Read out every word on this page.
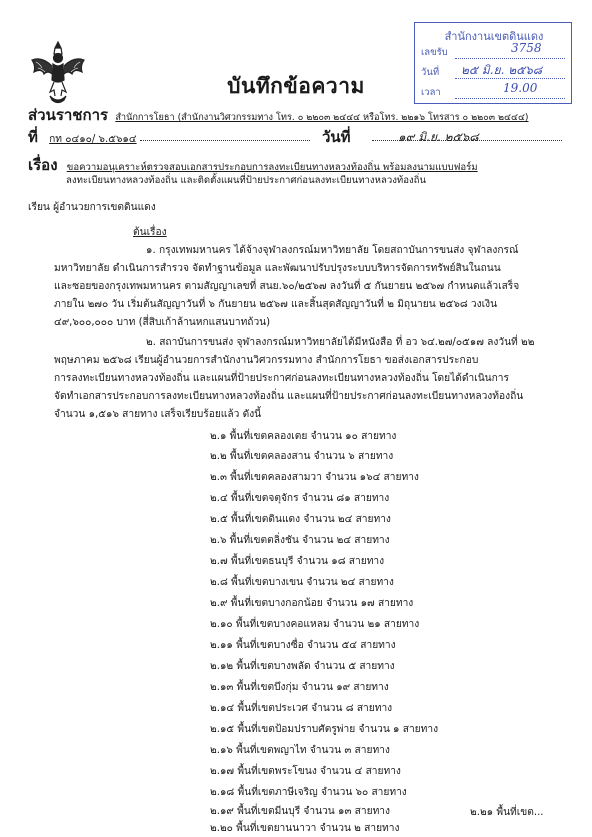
สำนักงานเขตดินแดง
เลขรับ	3758
วันที่ ๒๕ มิ.ย. ๒๕๖๘
เวลา	19.00
บันทึกข้อความ
ส่วนราชการ สำนักการโยธา (สำนักงานวิศวกรรมทาง โทร. ๐ ๒๒๐๓ ๒๔๔๔ หรือโทร. ๒๒๑๖ โทรสาร ๐ ๒๒๐๓ ๒๔๔๔)
ที่ กท ๐๔๑๐/ ๖.๕๖๑๔	วันที่	๑๙ มิ.ย. ๒๕๖๘
เรื่อง ขอความอนุเคราะห์ตรวจสอบเอกสารประกอบการลงทะเบียนทางหลวงท้องถิ่น พร้อมลงนามแบบฟอร์ม
ลงทะเบียนทางหลวงท้องถิ่น และติดตั้งแผนที่ป้ายประกาศก่อนลงทะเบียนทางหลวงท้องถิ่น
เรียน ผู้อำนวยการเขตดินแดง
ต้นเรื่อง
๑. กรุงเทพมหานคร ได้จ้างจุฬาลงกรณ์มหาวิทยาลัย โดยสถาบันการขนส่ง จุฬาลงกรณ์
มหาวิทยาลัย ดำเนินการสำรวจ จัดทำฐานข้อมูล และพัฒนาปรับปรุงระบบบริหารจัดการทรัพย์สินในถนน
และซอยของกรุงเทพมหานคร ตามสัญญาเลขที่ สนย.๖๐/๒๕๖๗ ลงวันที่ ๕ กันยายน ๒๕๖๗ กำหนดแล้วเสร็จ
ภายใน ๒๗๐ วัน เริ่มต้นสัญญาวันที่ ๖ กันยายน ๒๕๖๗ และสิ้นสุดสัญญาวันที่ ๒ มิถุนายน ๒๕๖๘ วงเงิน
๔๙,๖๐๐,๐๐๐ บาท (สี่สิบเก้าล้านหกแสนบาทถ้วน)
๒. สถาบันการขนส่ง จุฬาลงกรณ์มหาวิทยาลัยได้มีหนังสือ ที่ อว ๖๔.๒๗/๐๕๑๗ ลงวันที่ ๒๒
พฤษภาคม ๒๕๖๘ เรียนผู้อำนวยการสำนักงานวิศวกรรมทาง สำนักการโยธา ขอส่งเอกสารประกอบ
การลงทะเบียนทางหลวงท้องถิ่น และแผนที่ป้ายประกาศก่อนลงทะเบียนทางหลวงท้องถิ่น โดยได้ดำเนินการ
จัดทำเอกสารประกอบการลงทะเบียนทางหลวงท้องถิ่น และแผนที่ป้ายประกาศก่อนลงทะเบียนทางหลวงท้องถิ่น
จำนวน ๑,๕๑๖ สายทาง เสร็จเรียบร้อยแล้ว ดังนี้
๒.๑ พื้นที่เขตคลองเตย จำนวน ๑๐ สายทาง
๒.๒ พื้นที่เขตคลองสาน จำนวน ๖ สายทาง
๒.๓ พื้นที่เขตคลองสามวา จำนวน ๑๖๔ สายทาง
๒.๔ พื้นที่เขตจตุจักร จำนวน ๘๑ สายทาง
๒.๕ พื้นที่เขตดินแดง จำนวน ๒๔ สายทาง
๒.๖ พื้นที่เขตตลิ่งชัน จำนวน ๒๔ สายทาง
๒.๗ พื้นที่เขตธนบุรี จำนวน ๑๘ สายทาง
๒.๘ พื้นที่เขตบางเขน จำนวน ๒๔ สายทาง
๒.๙ พื้นที่เขตบางกอกน้อย จำนวน ๑๗ สายทาง
๒.๑๐ พื้นที่เขตบางคอแหลม จำนวน ๒๑ สายทาง
๒.๑๑ พื้นที่เขตบางซื่อ จำนวน ๕๔ สายทาง
๒.๑๒ พื้นที่เขตบางพลัด จำนวน ๕ สายทาง
๒.๑๓ พื้นที่เขตบึงกุ่ม จำนวน ๑๙ สายทาง
๒.๑๔ พื้นที่เขตประเวศ จำนวน ๘ สายทาง
๒.๑๕ พื้นที่เขตป้อมปราบศัตรูพ่าย จำนวน ๑ สายทาง
๒.๑๖ พื้นที่เขตพญาไท จำนวน ๓ สายทาง
๒.๑๗ พื้นที่เขตพระโขนง จำนวน ๔ สายทาง
๒.๑๘ พื้นที่เขตภาษีเจริญ จำนวน ๖๐ สายทาง
๒.๑๙ พื้นที่เขตมีนบุรี จำนวน ๑๓ สายทาง
๒.๒๐ พื้นที่เขตยานนาวา จำนวน ๒ สายทาง
๒.๒๑ พื้นที่เขต...
